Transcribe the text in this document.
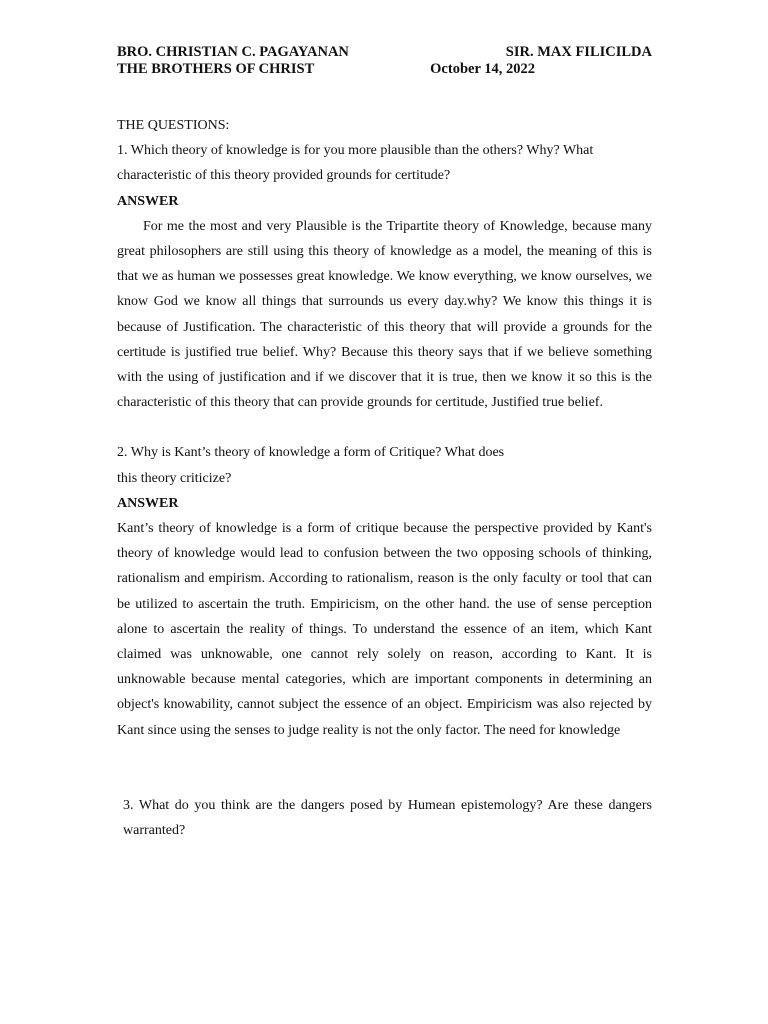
BRO. CHRISTIAN C. PAGAYANAN	SIR. MAX FILICILDA
THE BROTHERS OF CHRIST	October 14, 2022

THE QUESTIONS:

1. Which theory of knowledge is for you more plausible than the others? Why? What characteristic of this theory provided grounds for certitude?

ANSWER

For me the most and very Plausible is the Tripartite theory of Knowledge, because many great philosophers are still using this theory of knowledge as a model, the meaning of this is that we as human we possesses great knowledge. We know everything, we know ourselves, we know God we know all things that surrounds us every day.why? We know this things it is because of Justification. The characteristic of this theory that will provide a grounds for the certitude is justified true belief. Why? Because this theory says that if we believe something with the using of justification and if we discover that it is true, then we know it so this is the characteristic of this theory that can provide grounds for certitude, Justified true belief.

2. Why is Kant’s theory of knowledge a form of Critique? What does

this theory criticize?

ANSWER

Kant’s theory of knowledge is a form of critique because the perspective provided by Kant's theory of knowledge would lead to confusion between the two opposing schools of thinking, rationalism and empirism. According to rationalism, reason is the only faculty or tool that can be utilized to ascertain the truth. Empiricism, on the other hand. the use of sense perception alone to ascertain the reality of things. To understand the essence of an item, which Kant claimed was unknowable, one cannot rely solely on reason, according to Kant. It is unknowable because mental categories, which are important components in determining an object's knowability, cannot subject the essence of an object. Empiricism was also rejected by Kant since using the senses to judge reality is not the only factor. The need for knowledge

3. What do you think are the dangers posed by Humean epistemology? Are these dangers warranted?
